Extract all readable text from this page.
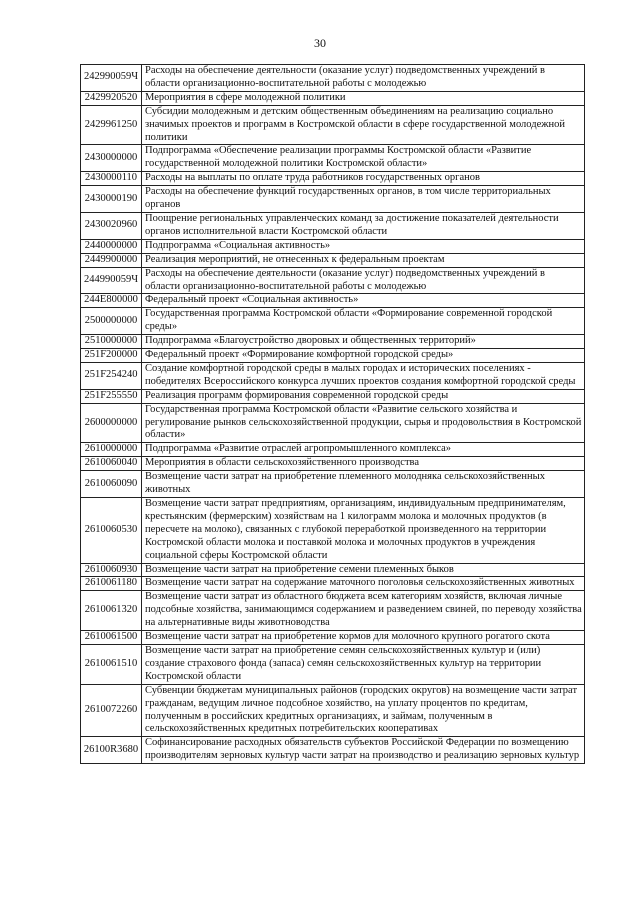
30
242990059Ч	Расходы на обеспечение деятельности (оказание услуг) подведомственных учреждений в области организационно-воспитательной работы с молодежью
2429920520	Мероприятия в сфере молодежной политики
2429961250	Субсидии молодежным и детским общественным объединениям на реализацию социально значимых проектов и программ в Костромской области в сфере государственной молодежной политики
2430000000	Подпрограмма «Обеспечение реализации программы Костромской области «Развитие государственной молодежной политики Костромской области»
2430000110	Расходы на выплаты по оплате труда работников государственных органов
2430000190	Расходы на обеспечение функций государственных органов, в том числе территориальных органов
2430020960	Поощрение региональных управленческих команд за достижение показателей деятельности органов исполнительной власти Костромской области
2440000000	Подпрограмма «Социальная активность»
2449900000	Реализация мероприятий, не отнесенных к федеральным проектам
244990059Ч	Расходы на обеспечение деятельности (оказание услуг) подведомственных учреждений в области организационно-воспитательной работы с молодежью
244Е800000	Федеральный проект «Социальная активность»
2500000000	Государственная программа Костромской области «Формирование современной городской среды»
2510000000	Подпрограмма «Благоустройство дворовых и общественных территорий»
251F200000	Федеральный проект «Формирование комфортной городской среды»
251F254240	Создание комфортной городской среды в малых городах и исторических поселениях - победителях Всероссийского конкурса лучших проектов создания комфортной городской среды
251F255550	Реализация программ формирования современной городской среды
2600000000	Государственная программа Костромской области «Развитие сельского хозяйства и регулирование рынков сельскохозяйственной продукции, сырья и продовольствия в Костромской области»
2610000000	Подпрограмма «Развитие отраслей агропромышленного комплекса»
2610060040	Мероприятия в области сельскохозяйственного производства
2610060090	Возмещение части затрат на приобретение племенного молодняка сельскохозяйственных животных
2610060530	Возмещение части затрат предприятиям, организациям, индивидуальным предпринимателям, крестьянским (фермерским) хозяйствам на 1 килограмм молока и молочных продуктов (в пересчете на молоко), связанных с глубокой переработкой произведенного на территории Костромской области молока и поставкой молока и молочных продуктов в учреждения социальной сферы Костромской области
2610060930	Возмещение части затрат на приобретение семени племенных быков
2610061180	Возмещение части затрат на содержание маточного поголовья сельскохозяйственных животных
2610061320	Возмещение части затрат из областного бюджета всем категориям хозяйств, включая личные подсобные хозяйства, занимающимся содержанием и разведением свиней, по переводу хозяйства на альтернативные виды животноводства
2610061500	Возмещение части затрат на приобретение кормов для молочного крупного рогатого скота
2610061510	Возмещение части затрат на приобретение семян сельскохозяйственных культур и (или) создание страхового фонда (запаса) семян сельскохозяйственных культур на территории Костромской области
2610072260	Субвенции бюджетам муниципальных районов (городских округов) на возмещение части затрат гражданам, ведущим личное подсобное хозяйство, на уплату процентов по кредитам, полученным в российских кредитных организациях, и займам, полученным в сельскохозяйственных кредитных потребительских кооперативах
26100R3680	Софинансирование расходных обязательств субъектов Российской Федерации по возмещению производителям зерновых культур части затрат на производство и реализацию зерновых культур
